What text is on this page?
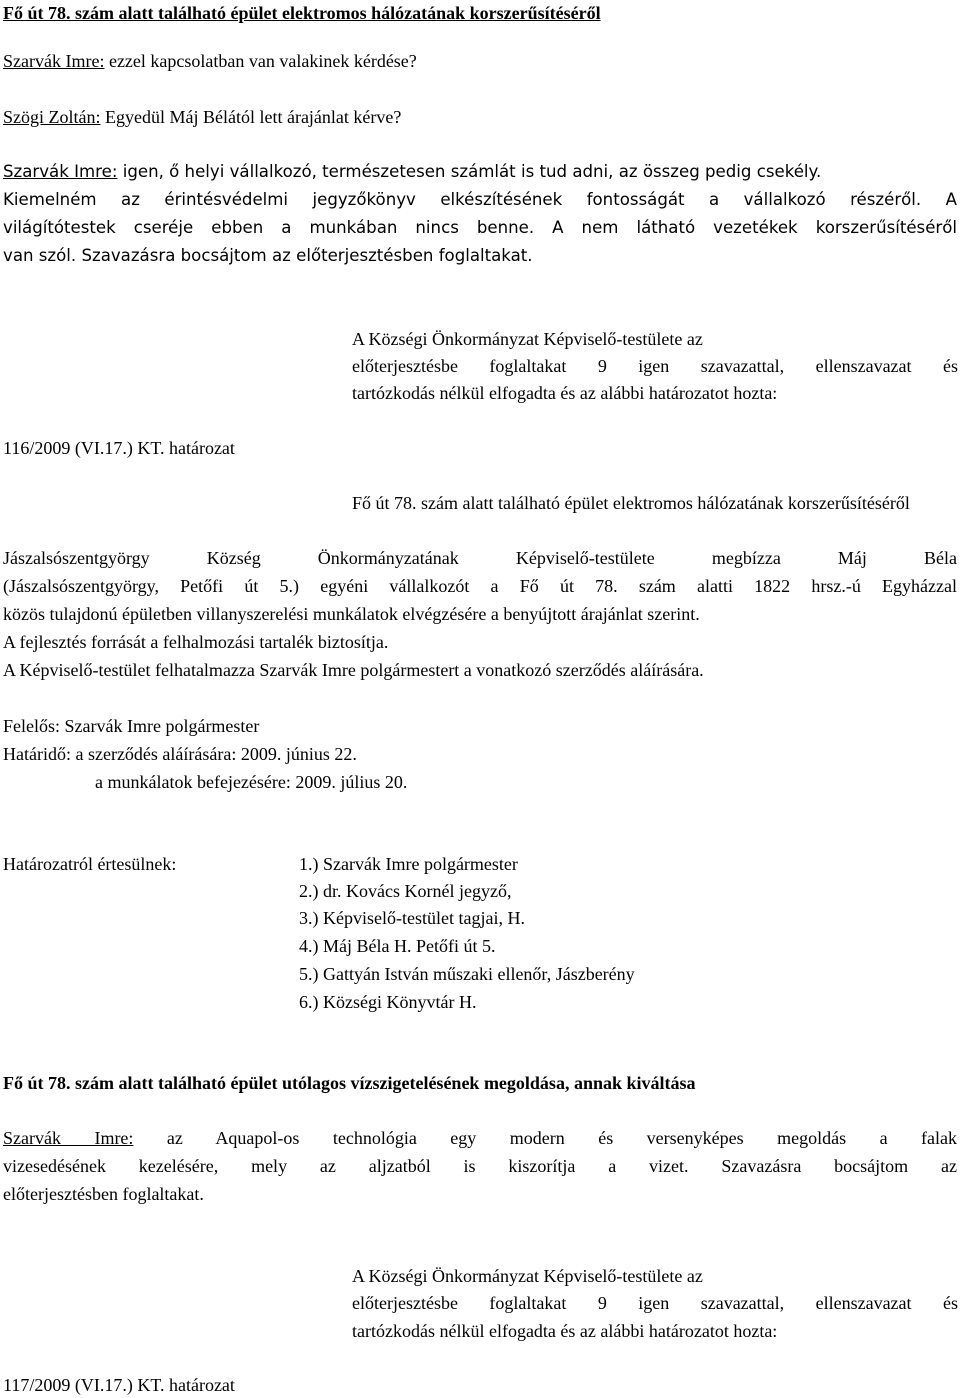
Fő út 78. szám alatt található épület elektromos hálózatának korszerűsítéséről
Szarvák Imre: ezzel kapcsolatban van valakinek kérdése?
Szögi Zoltán: Egyedül Máj Bélától lett árajánlat kérve?
Szarvák Imre: igen, ő helyi vállalkozó, természetesen számlát is tud adni, az összeg pedig csekély.
Kiemelném az érintésvédelmi jegyzőkönyv elkészítésének fontosságát a vállalkozó részéről. A
világítótestek cseréje ebben a munkában nincs benne. A nem látható vezetékek korszerűsítéséről
van szól. Szavazásra bocsájtom az előterjesztésben foglaltakat.
A Községi Önkormányzat Képviselő-testülete az
előterjesztésbe foglaltakat 9 igen szavazattal, ellenszavazat és
tartózkodás nélkül elfogadta és az alábbi határozatot hozta:
116/2009 (VI.17.) KT. határozat
Fő út 78. szám alatt található épület elektromos hálózatának korszerűsítéséről
Jászalsószentgyörgy Község Önkormányzatának Képviselő-testülete megbízza Máj Béla
(Jászalsószentgyörgy, Petőfi út 5.) egyéni vállalkozót a Fő út 78. szám alatti 1822 hrsz.-ú Egyházzal
közös tulajdonú épületben villanyszerelési munkálatok elvégzésére a benyújtott árajánlat szerint.
A fejlesztés forrását a felhalmozási tartalék biztosítja.
A Képviselő-testület felhatalmazza Szarvák Imre polgármestert a vonatkozó szerződés aláírására.
Felelős: Szarvák Imre polgármester
Határidő: a szerződés aláírására: 2009. június 22.
a munkálatok befejezésére: 2009. július 20.
Határozatról értesülnek:	1.) Szarvák Imre polgármester
2.) dr. Kovács Kornél jegyző,
3.) Képviselő-testület tagjai, H.
4.) Máj Béla H. Petőfi út 5.
5.) Gattyán István műszaki ellenőr, Jászberény
6.) Községi Könyvtár H.
Fő út 78. szám alatt található épület utólagos vízszigetelésének megoldása, annak kiváltása
Szarvák Imre: az Aquapol-os technológia egy modern és versenyképes megoldás a falak
vizesedésének kezelésére, mely az aljzatból is kiszorítja a vizet. Szavazásra bocsájtom az
előterjesztésben foglaltakat.
A Községi Önkormányzat Képviselő-testülete az
előterjesztésbe foglaltakat 9 igen szavazattal, ellenszavazat és
tartózkodás nélkül elfogadta és az alábbi határozatot hozta:
117/2009 (VI.17.) KT. határozat
